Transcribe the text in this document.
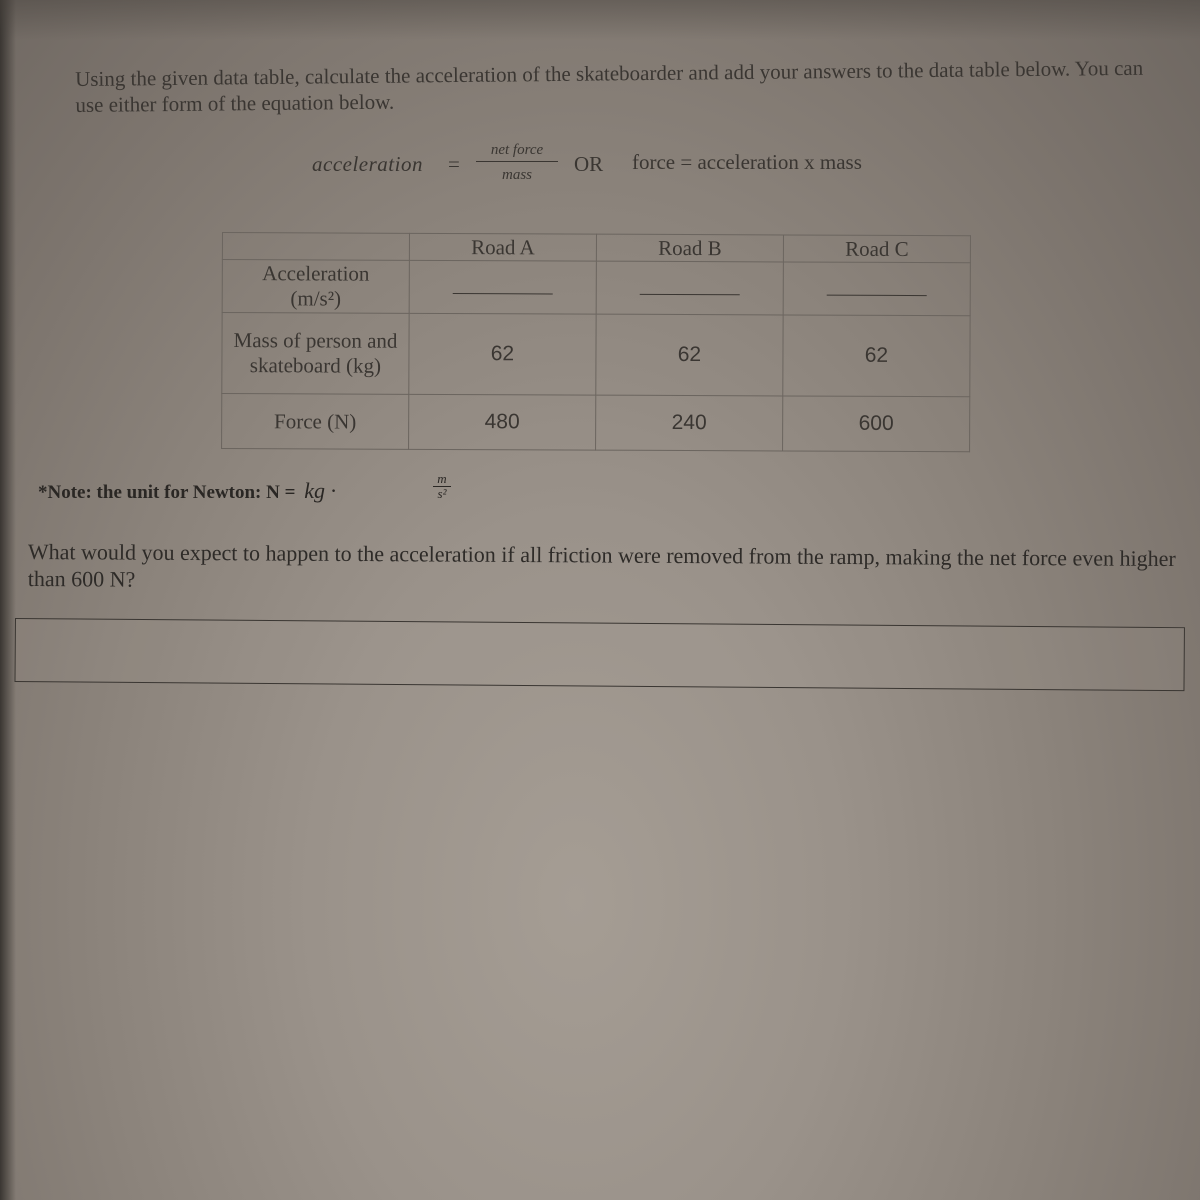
Using the given data table, calculate the acceleration of the skateboarder and add your answers to the data table below. You can use either form of the equation below.
acceleration =
net force
mass	OR force = acceleration x mass
	Road A	Road B	Road C
Acceleration
(m/s²)			
Mass of person and skateboard (kg)	62	62	62
Force (N)	480	240	600
*Note: the unit for Newton: N = kg ·	$\frac{m}{\text{s²}}$
What would you expect to happen to the acceleration if all friction were removed from the ramp, making the net force even higher than 600 N?
